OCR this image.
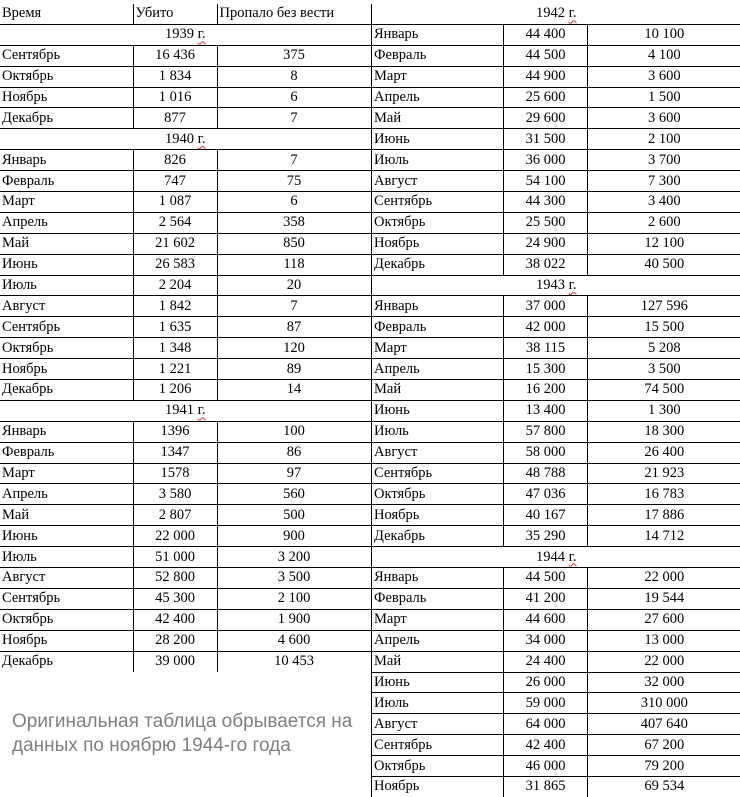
Время	Убито	Пропало без вести
1939 г.		
Сентябрь	16 436	375
Октябрь	1 834	8
Ноябрь	1 016	6
Декабрь	877	7
1940 г.		
Январь	826	7
Февраль	747	75
Март	1 087	6
Апрель	2 564	358
Май	21 602	850
Июнь	26 583	118
Июль	2 204	20
Август	1 842	7
Сентябрь	1 635	87
Октябрь	1 348	120
Ноябрь	1 221	89
Декабрь	1 206	14
1941 г.		
Январь	1396	100
Февраль	1347	86
Март	1578	97
Апрель	3 580	560
Май	2 807	500
Июнь	22 000	900
Июль	51 000	3 200
Август	52 800	3 500
Сентябрь	45 300	2 100
Октябрь	42 400	1 900
Ноябрь	28 200	4 600
Декабрь	39 000	10 453
1942 г.		
Январь	44 400	10 100
Февраль	44 500	4 100
Март	44 900	3 600
Апрель	25 600	1 500
Май	29 600	3 600
Июнь	31 500	2 100
Июль	36 000	3 700
Август	54 100	7 300
Сентябрь	44 300	3 400
Октябрь	25 500	2 600
Ноябрь	24 900	12 100
Декабрь	38 022	40 500
1943 г.		
Январь	37 000	127 596
Февраль	42 000	15 500
Март	38 115	5 208
Апрель	15 300	3 500
Май	16 200	74 500
Июнь	13 400	1 300
Июль	57 800	18 300
Август	58 000	26 400
Сентябрь	48 788	21 923
Октябрь	47 036	16 783
Ноябрь	40 167	17 886
Декабрь	35 290	14 712
1944 г.		
Январь	44 500	22 000
Февраль	41 200	19 544
Март	44 600	27 600
Апрель	34 000	13 000
Май	24 400	22 000
Июнь	26 000	32 000
Июль	59 000	310 000
Август	64 000	407 640
Сентябрь	42 400	67 200
Октябрь	46 000	79 200
Ноябрь	31 865	69 534
Оригинальная таблица обрывается на данных по ноябрю 1944-го года
